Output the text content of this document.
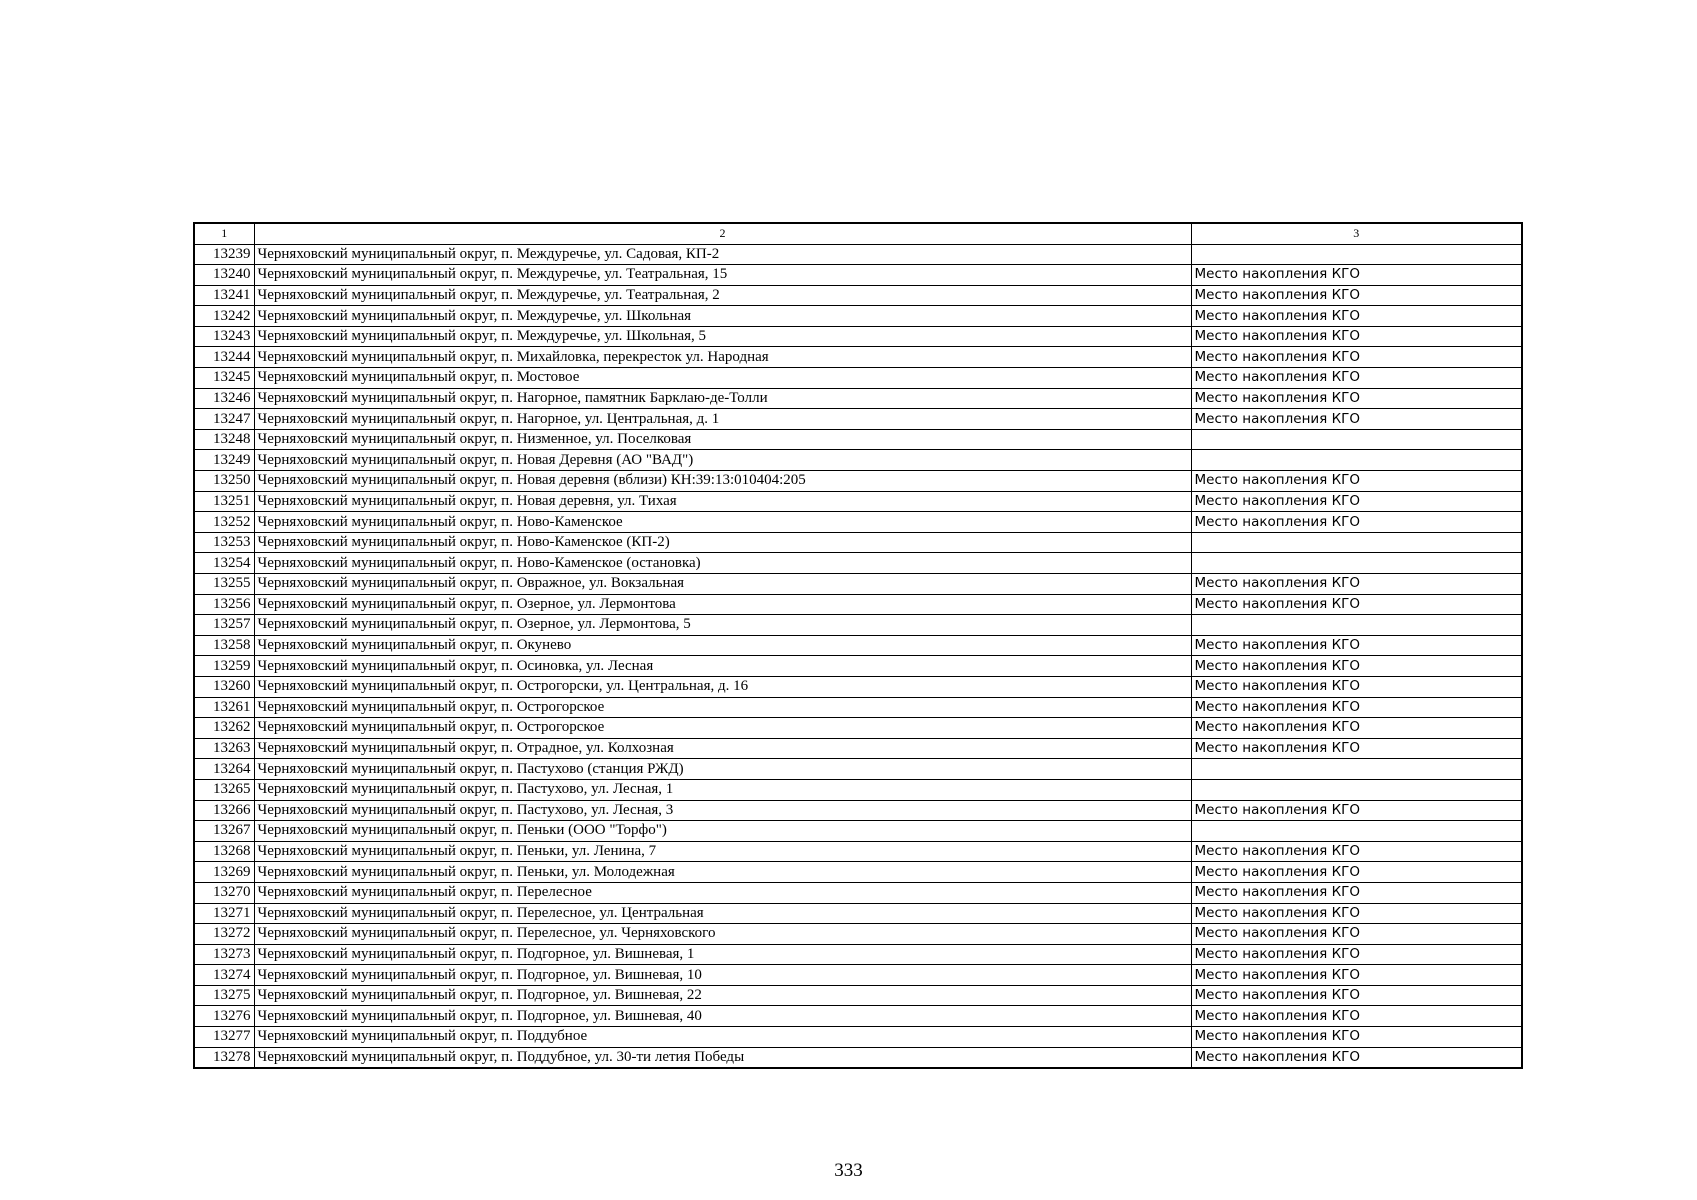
1	2	3
13239	Черняховский муниципальный округ, п. Междуречье, ул. Садовая, КП-2	
13240	Черняховский муниципальный округ, п. Междуречье, ул. Театральная, 15	Место накопления КГО
13241	Черняховский муниципальный округ, п. Междуречье, ул. Театральная, 2	Место накопления КГО
13242	Черняховский муниципальный округ, п. Междуречье, ул. Школьная	Место накопления КГО
13243	Черняховский муниципальный округ, п. Междуречье, ул. Школьная, 5	Место накопления КГО
13244	Черняховский муниципальный округ, п. Михайловка, перекресток ул. Народная	Место накопления КГО
13245	Черняховский муниципальный округ, п. Мостовое	Место накопления КГО
13246	Черняховский муниципальный округ, п. Нагорное, памятник Барклаю-де-Толли	Место накопления КГО
13247	Черняховский муниципальный округ, п. Нагорное, ул. Центральная, д. 1	Место накопления КГО
13248	Черняховский муниципальный округ, п. Низменное, ул. Поселковая	
13249	Черняховский муниципальный округ, п. Новая Деревня (АО "ВАД")	
13250	Черняховский муниципальный округ, п. Новая деревня (вблизи) КН:39:13:010404:205	Место накопления КГО
13251	Черняховский муниципальный округ, п. Новая деревня, ул. Тихая	Место накопления КГО
13252	Черняховский муниципальный округ, п. Ново-Каменское	Место накопления КГО
13253	Черняховский муниципальный округ, п. Ново-Каменское (КП-2)	
13254	Черняховский муниципальный округ, п. Ново-Каменское (остановка)	
13255	Черняховский муниципальный округ, п. Овражное, ул. Вокзальная	Место накопления КГО
13256	Черняховский муниципальный округ, п. Озерное, ул. Лермонтова	Место накопления КГО
13257	Черняховский муниципальный округ, п. Озерное, ул. Лермонтова, 5	
13258	Черняховский муниципальный округ, п. Окунево	Место накопления КГО
13259	Черняховский муниципальный округ, п. Осиновка, ул. Лесная	Место накопления КГО
13260	Черняховский муниципальный округ, п. Острогорски, ул. Центральная, д. 16	Место накопления КГО
13261	Черняховский муниципальный округ, п. Острогорское	Место накопления КГО
13262	Черняховский муниципальный округ, п. Острогорское	Место накопления КГО
13263	Черняховский муниципальный округ, п. Отрадное, ул. Колхозная	Место накопления КГО
13264	Черняховский муниципальный округ, п. Пастухово (станция РЖД)	
13265	Черняховский муниципальный округ, п. Пастухово, ул. Лесная, 1	
13266	Черняховский муниципальный округ, п. Пастухово, ул. Лесная, 3	Место накопления КГО
13267	Черняховский муниципальный округ, п. Пеньки (ООО "Торфо")	
13268	Черняховский муниципальный округ, п. Пеньки, ул. Ленина, 7	Место накопления КГО
13269	Черняховский муниципальный округ, п. Пеньки, ул. Молодежная	Место накопления КГО
13270	Черняховский муниципальный округ, п. Перелесное	Место накопления КГО
13271	Черняховский муниципальный округ, п. Перелесное, ул. Центральная	Место накопления КГО
13272	Черняховский муниципальный округ, п. Перелесное, ул. Черняховского	Место накопления КГО
13273	Черняховский муниципальный округ, п. Подгорное, ул. Вишневая, 1	Место накопления КГО
13274	Черняховский муниципальный округ, п. Подгорное, ул. Вишневая, 10	Место накопления КГО
13275	Черняховский муниципальный округ, п. Подгорное, ул. Вишневая, 22	Место накопления КГО
13276	Черняховский муниципальный округ, п. Подгорное, ул. Вишневая, 40	Место накопления КГО
13277	Черняховский муниципальный округ, п. Поддубное	Место накопления КГО
13278	Черняховский муниципальный округ, п. Поддубное, ул. 30-ти летия Победы	Место накопления КГО
333
